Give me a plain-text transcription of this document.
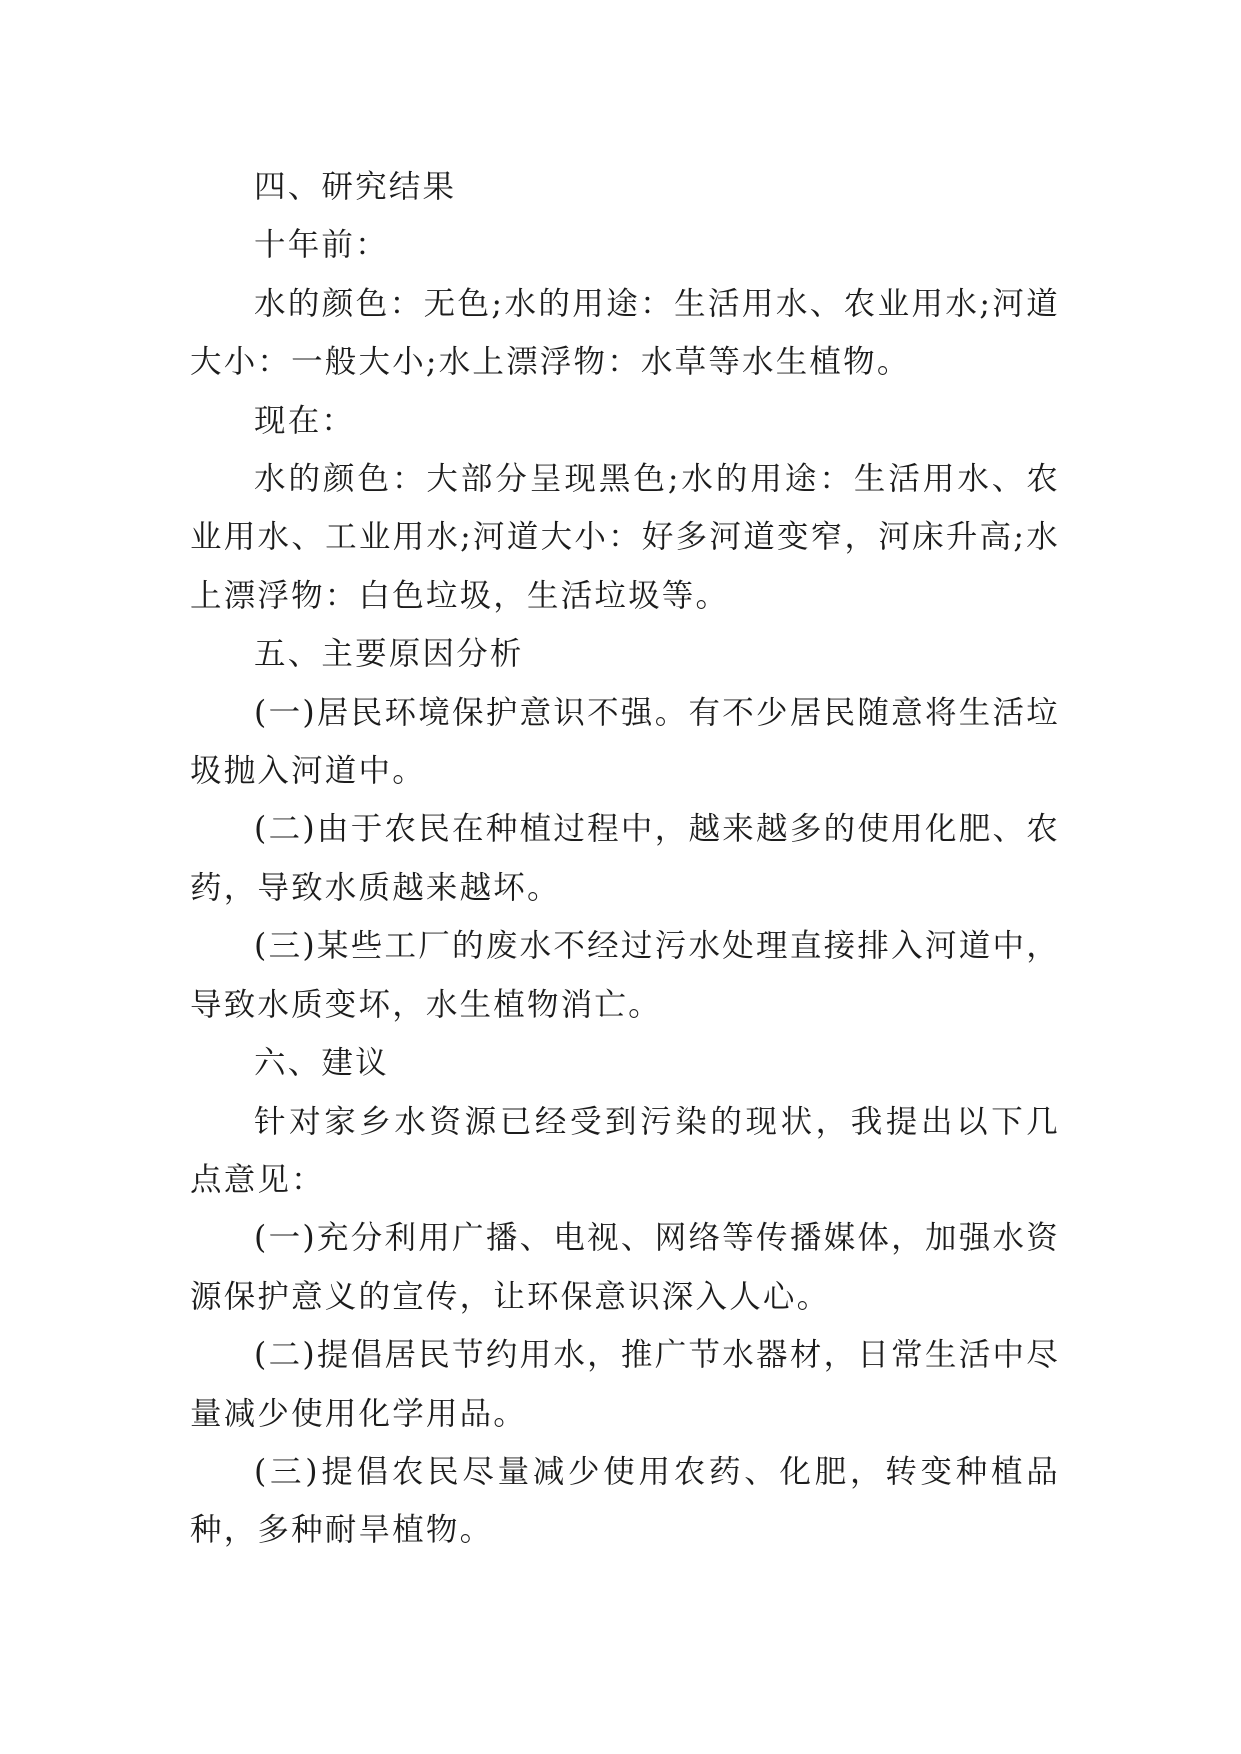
四、研究结果

十年前：

水的颜色：无色;水的用途：生活用水、农业用水;河道大小：一般大小;水上漂浮物：水草等水生植物。

现在：

水的颜色：大部分呈现黑色;水的用途：生活用水、农业用水、工业用水;河道大小：好多河道变窄，河床升高;水上漂浮物：白色垃圾，生活垃圾等。

五、主要原因分析

(一)居民环境保护意识不强。有不少居民随意将生活垃圾抛入河道中。

(二)由于农民在种植过程中，越来越多的使用化肥、农药，导致水质越来越坏。

(三)某些工厂的废水不经过污水处理直接排入河道中，导致水质变坏，水生植物消亡。

六、建议

针对家乡水资源已经受到污染的现状，我提出以下几点意见：

(一)充分利用广播、电视、网络等传播媒体，加强水资源保护意义的宣传，让环保意识深入人心。

(二)提倡居民节约用水，推广节水器材，日常生活中尽量减少使用化学用品。

(三)提倡农民尽量减少使用农药、化肥，转变种植品种，多种耐旱植物。
